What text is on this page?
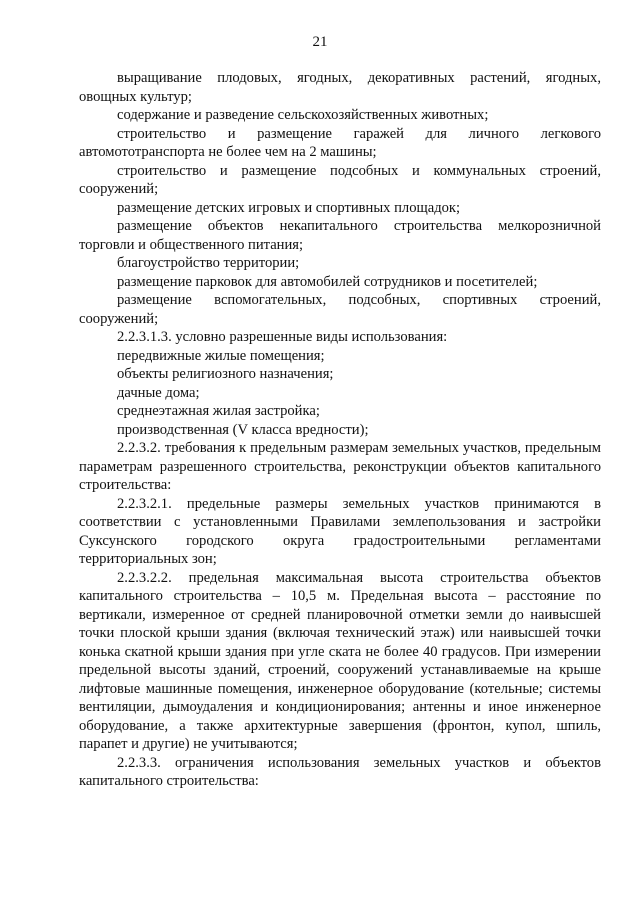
21

выращивание плодовых, ягодных, декоративных растений, ягодных, овощных культур;

содержание и разведение сельскохозяйственных животных;

строительство и размещение гаражей для личного легкового автомототранспорта не более чем на 2 машины;

строительство и размещение подсобных и коммунальных строений, сооружений;

размещение детских игровых и спортивных площадок;

размещение объектов некапитального строительства мелкорозничной торговли и общественного питания;

благоустройство территории;

размещение парковок для автомобилей сотрудников и посетителей;

размещение вспомогательных, подсобных, спортивных строений, сооружений;

2.2.3.1.3. условно разрешенные виды использования:

передвижные жилые помещения;

объекты религиозного назначения;

дачные дома;

среднеэтажная жилая застройка;

производственная (V класса вредности);

2.2.3.2. требования к предельным размерам земельных участков, предельным параметрам разрешенного строительства, реконструкции объектов капитального строительства:

2.2.3.2.1. предельные размеры земельных участков принимаются в соответствии с установленными Правилами землепользования и застройки Суксунского городского округа градостроительными регламентами территориальных зон;

2.2.3.2.2. предельная максимальная высота строительства объектов капитального строительства – 10,5 м. Предельная высота – расстояние по вертикали, измеренное от средней планировочной отметки земли до наивысшей точки плоской крыши здания (включая технический этаж) или наивысшей точки конька скатной крыши здания при угле ската не более 40 градусов. При измерении предельной высоты зданий, строений, сооружений устанавливаемые на крыше лифтовые машинные помещения, инженерное оборудование (котельные; системы вентиляции, дымоудаления и кондиционирования; антенны и иное инженерное оборудование, а также архитектурные завершения (фронтон, купол, шпиль, парапет и другие) не учитываются;

2.2.3.3. ограничения использования земельных участков и объектов капитального строительства:
